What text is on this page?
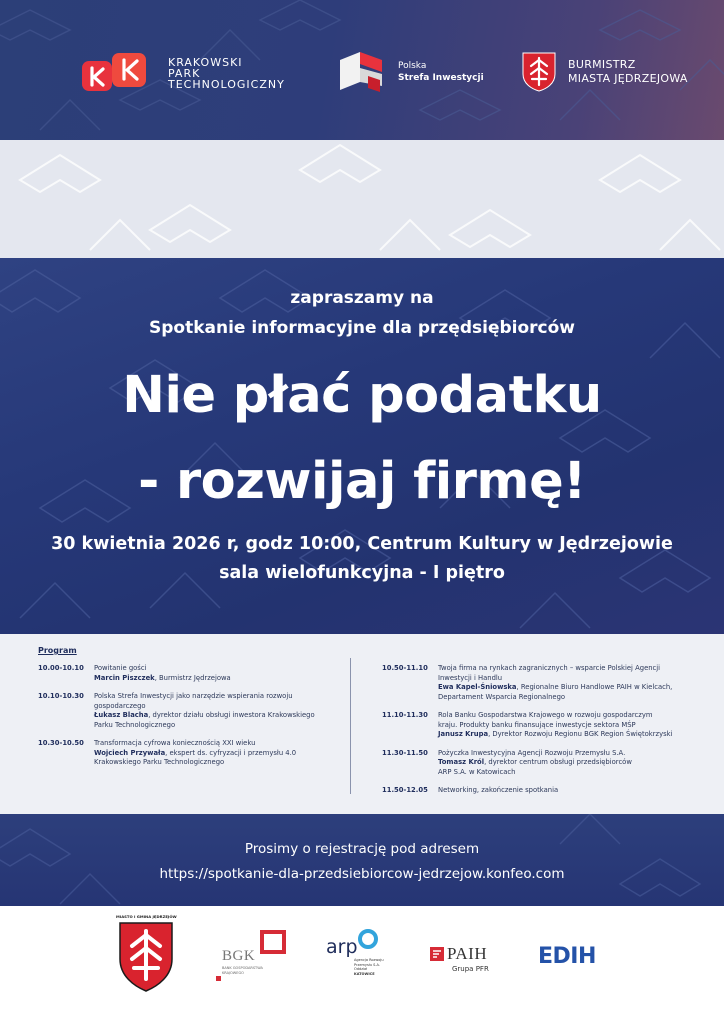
KRAKOWSKI
PARK
TECHNOLOGICZNY
Polska
Strefa Inwestycji
BURMISTRZ
MIASTA JĘDRZEJOWA
zapraszamy na
Spotkanie informacyjne dla przędsiębiorców
Nie płać podatku
- rozwijaj firmę!
30 kwietnia 2026 r, godz 10:00, Centrum Kultury w Jędrzejowie
sala wielofunkcyjna - I piętro
Program
10.00-10.10	Powitanie gości
Marcin Piszczek, Burmistrz Jędrzejowa
10.10-10.30	Polska Strefa Inwestycji jako narzędzie wspierania rozwoju
gospodarczego
Łukasz Blacha, dyrektor działu obsługi inwestora Krakowskiego
Parku Technologicznego
10.30-10.50	Transformacja cyfrowa koniecznością XXI wieku
Wojciech Przywała, ekspert ds. cyfryzacji i przemysłu 4.0
Krakowskiego Parku Technologicznego
10.50-11.10	Twoja firma na rynkach zagranicznych – wsparcie Polskiej Agencji
Inwestycji i Handlu
Ewa Kapel-Śniowska, Regionalne Biuro Handlowe PAIH w Kielcach,
Departament Wsparcia Regionalnego
11.10-11.30	Rola Banku Gospodarstwa Krajowego w rozwoju gospodarczym
kraju. Produkty banku finansujące inwestycje sektora MŚP
Janusz Krupa, Dyrektor Rozwoju Regionu BGK Region Świętokrzyski
11.30-11.50	Pożyczka Inwestycyjna Agencji Rozwoju Przemysłu S.A.
Tomasz Król, dyrektor centrum obsługi przedsiębiorców
ARP S.A. w Katowicach
11.50-12.05	Networking, zakończenie spotkania
Prosimy o rejestrację pod adresem
https://spotkanie-dla-przedsiebiorcow-jedrzejow.konfeo.com
MIASTO I GMINA JĘDRZEJÓW
BGK
BANK GOSPODARSTWA
KRAJOWEGO
arp
Agencja Rozwoju
Przemysłu S.A.
Oddział
KATOWICE
PAIH
Grupa PFR EDIH
